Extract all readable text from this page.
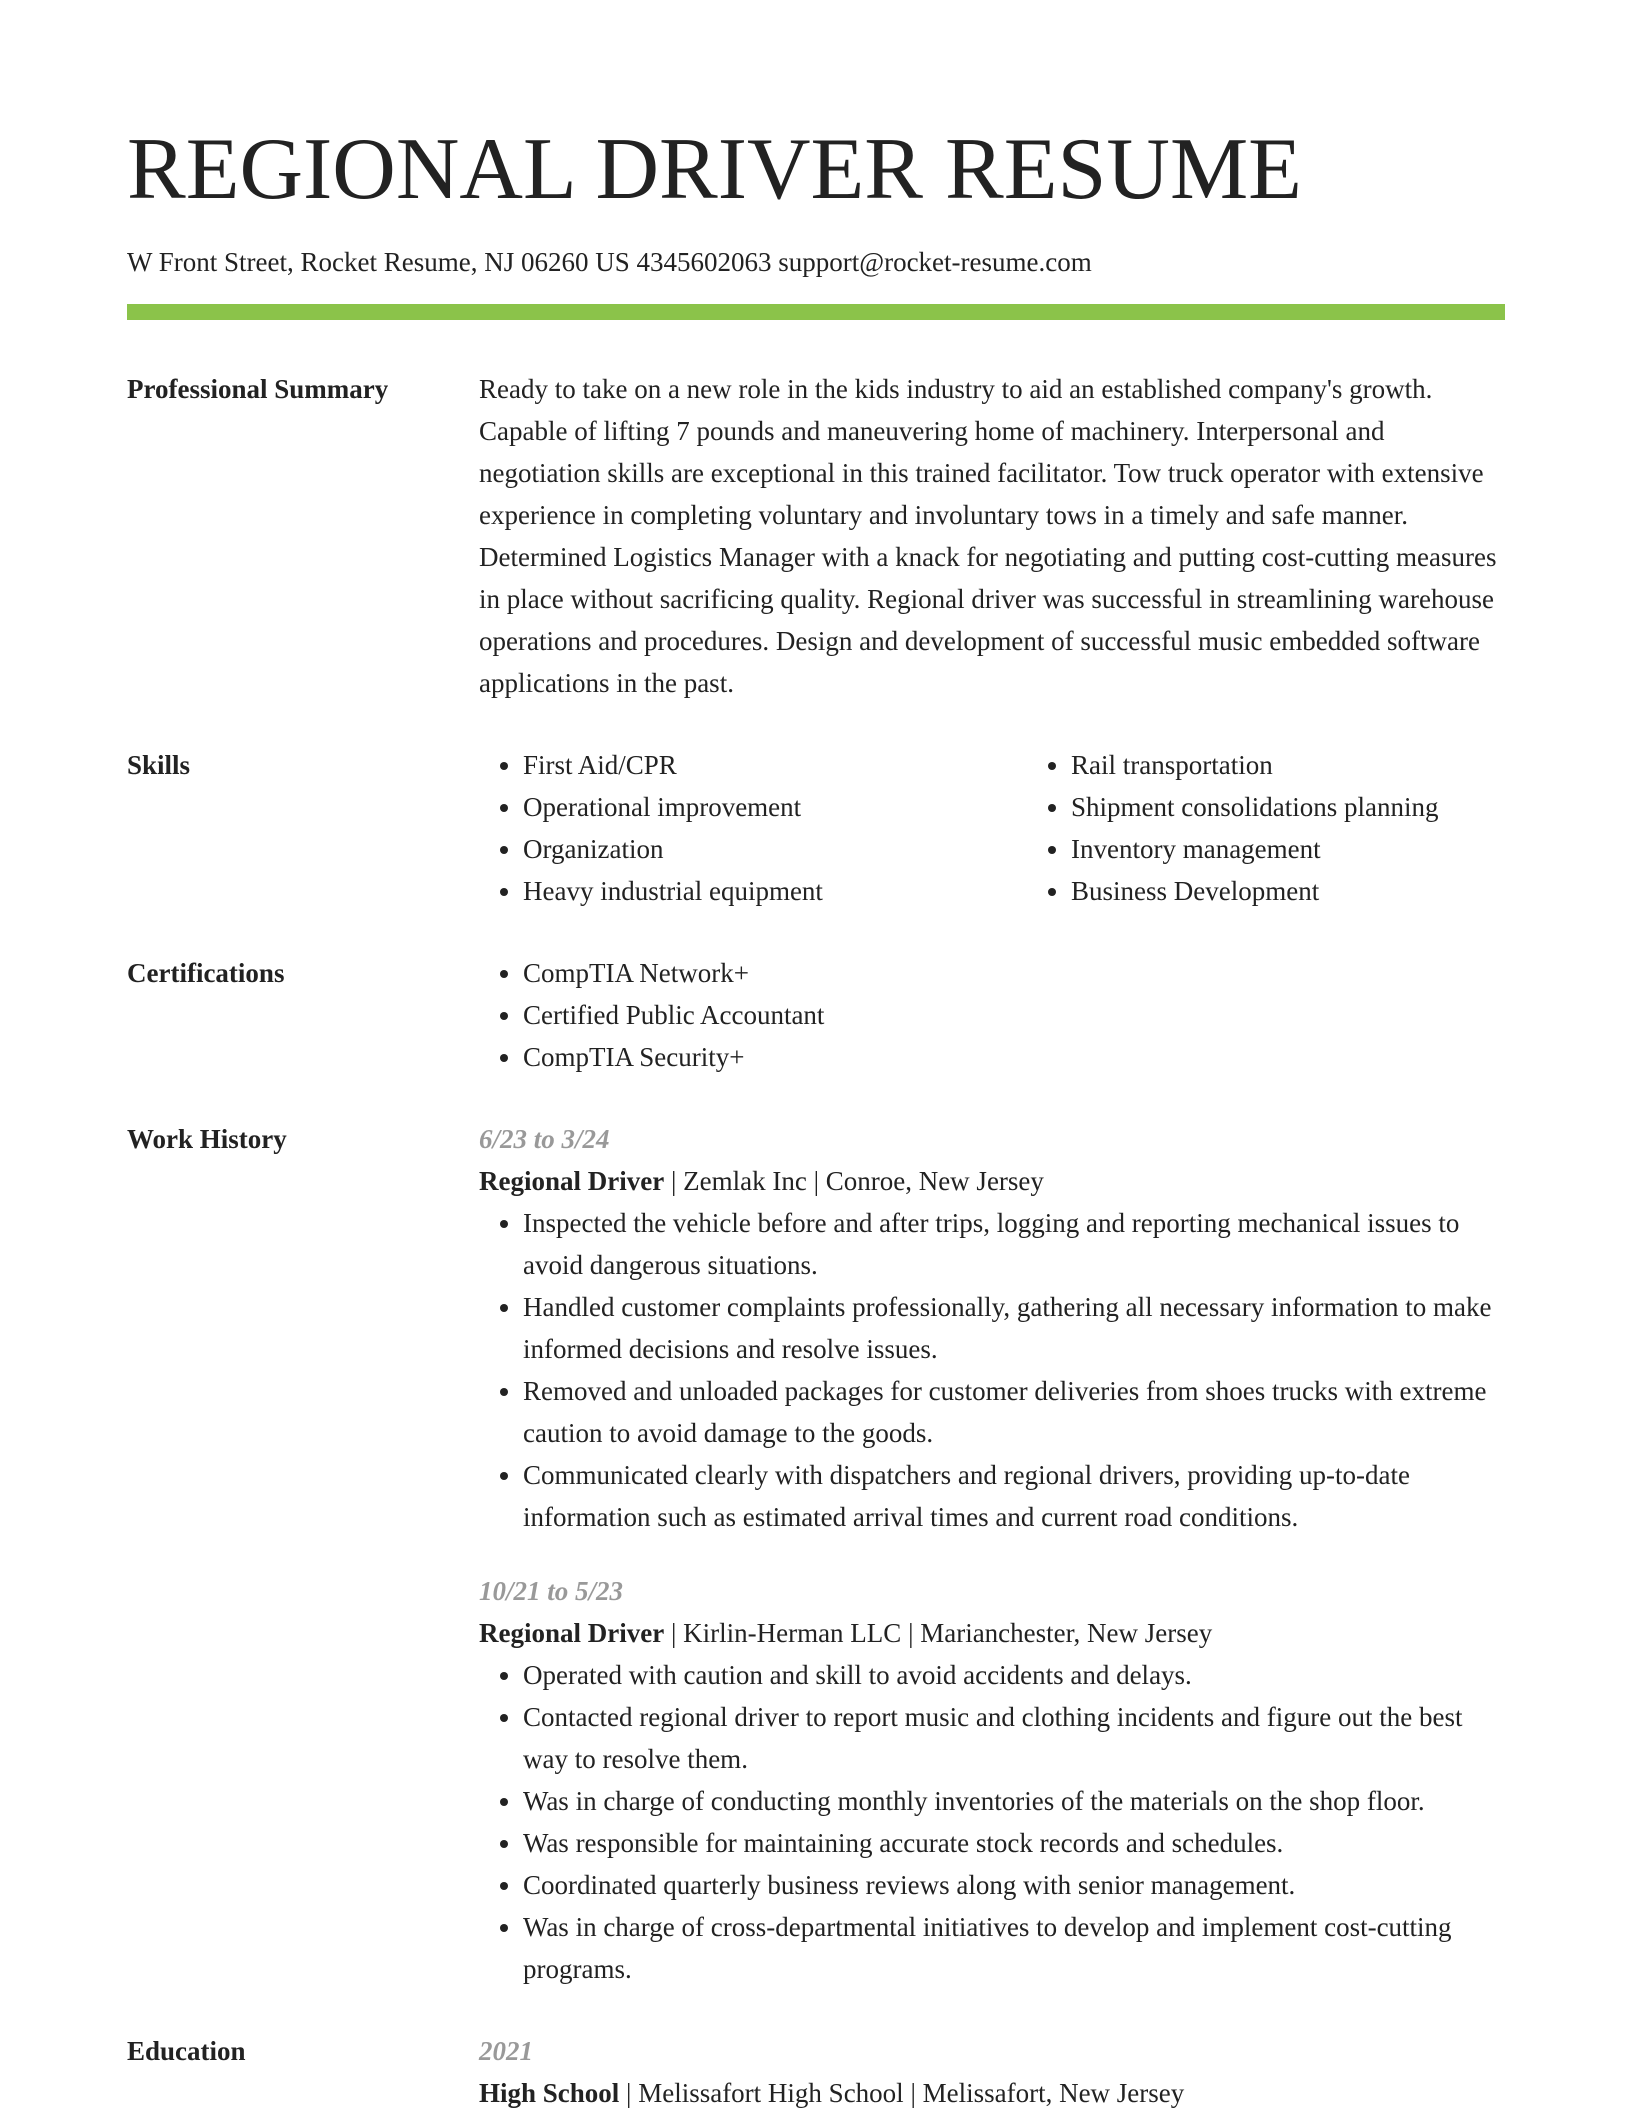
REGIONAL DRIVER RESUME
W Front Street, Rocket Resume, NJ 06260 US 4345602063 support@rocket-resume.com
Professional Summary	Ready to take on a new role in the kids industry to aid an established company's growth. Capable of lifting 7 pounds and maneuvering home of machinery. Interpersonal and negotiation skills are exceptional in this trained facilitator. Tow truck operator with extensive experience in completing voluntary and involuntary tows in a timely and safe manner. Determined Logistics Manager with a knack for negotiating and putting cost-cutting measures in place without sacrificing quality. Regional driver was successful in streamlining warehouse operations and procedures. Design and development of successful music embedded software applications in the past.

Skills	• First Aid/CPR
• Operational improvement
• Organization
• Heavy industrial equipment
• Rail transportation
• Shipment consolidations planning
• Inventory management
• Business Development
Certifications	• CompTIA Network+
• Certified Public Accountant
• CompTIA Security+
Work History	6/23 to 3/24
Regional Driver | Zemlak Inc | Conroe, New Jersey
• Inspected the vehicle before and after trips, logging and reporting mechanical issues to avoid dangerous situations.
• Handled customer complaints professionally, gathering all necessary information to make informed decisions and resolve issues.
• Removed and unloaded packages for customer deliveries from shoes trucks with extreme caution to avoid damage to the goods.
• Communicated clearly with dispatchers and regional drivers, providing up-to-date information such as estimated arrival times and current road conditions.
10/21 to 5/23
Regional Driver | Kirlin-Herman LLC | Marianchester, New Jersey
• Operated with caution and skill to avoid accidents and delays.
• Contacted regional driver to report music and clothing incidents and figure out the best way to resolve them.
• Was in charge of conducting monthly inventories of the materials on the shop floor.
• Was responsible for maintaining accurate stock records and schedules.
• Coordinated quarterly business reviews along with senior management.
• Was in charge of cross-departmental initiatives to develop and implement cost-cutting programs.
Education	2021
High School | Melissafort High School | Melissafort, New Jersey
